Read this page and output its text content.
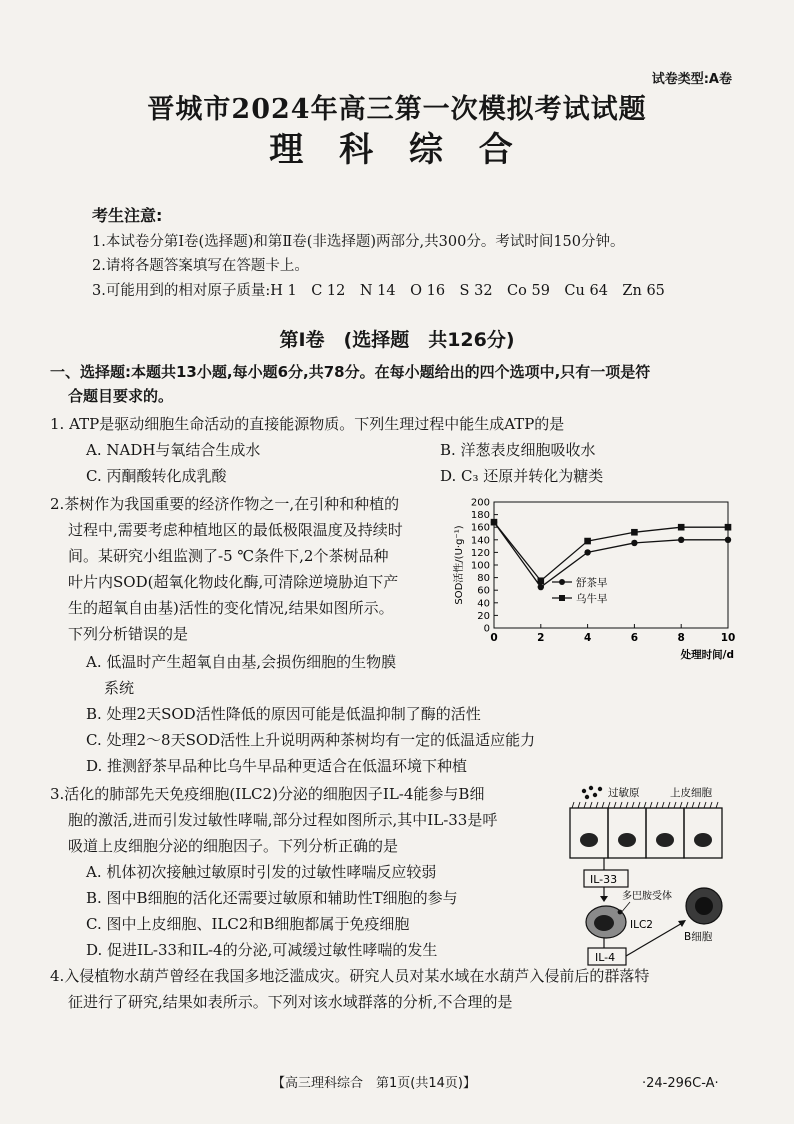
试卷类型:A卷
晋城市2024年高三第一次模拟考试试题
理 科 综 合
考生注意:
1.本试卷分第Ⅰ卷(选择题)和第Ⅱ卷(非选择题)两部分,共300分。考试时间150分钟。
2.请将各题答案填写在答题卡上。
3.可能用到的相对原子质量:H 1　C 12　N 14　O 16　S 32　Co 59　Cu 64　Zn 65
第Ⅰ卷　(选择题　共126分)
一、选择题:本题共13小题,每小题6分,共78分。在每小题给出的四个选项中,只有一项是符
合题目要求的。
1. ATP是驱动细胞生命活动的直接能源物质。下列生理过程中能生成ATP的是
A. NADH与氧结合生成水	B. 洋葱表皮细胞吸收水
C. 丙酮酸转化成乳酸	D. C₃ 还原并转化为糖类
2.茶树作为我国重要的经济作物之一,在引种和种植的
过程中,需要考虑种植地区的最低极限温度及持续时
间。某研究小组监测了-5 ℃条件下,2个茶树品种
叶片内SOD(超氧化物歧化酶,可清除逆境胁迫下产
生的超氧自由基)活性的变化情况,结果如图所示。
下列分析错误的是	0
20
40
60
80
100
120
140
160
180
200
0	2	4	6	8	10
SOD活性/(U·g⁻¹)
处理时间/d
舒茶早
乌牛早
A. 低温时产生超氧自由基,会损伤细胞的生物膜
系统
B. 处理2天SOD活性降低的原因可能是低温抑制了酶的活性
C. 处理2～8天SOD活性上升说明两种茶树均有一定的低温适应能力
D. 推测舒茶早品种比乌牛早品种更适合在低温环境下种植
3.活化的肺部先天免疫细胞(ILC2)分泌的细胞因子IL-4能参与B细
胞的激活,进而引发过敏性哮喘,部分过程如图所示,其中IL-33是呼
吸道上皮细胞分泌的细胞因子。下列分析正确的是
A. 机体初次接触过敏原时引发的过敏性哮喘反应较弱
B. 图中B细胞的活化还需要过敏原和辅助性T细胞的参与
C. 图中上皮细胞、ILC2和B细胞都属于免疫细胞
D. 促进IL-33和IL-4的分泌,可减缓过敏性哮喘的发生
过敏原	上皮细胞
IL-33
多巴胺受体
ILC2
B细胞
IL-4
4.入侵植物水葫芦曾经在我国多地泛滥成灾。研究人员对某水域在水葫芦入侵前后的群落特
征进行了研究,结果如表所示。下列对该水域群落的分析,不合理的是
【高三理科综合　第1页(共14页)】	·24-296C-A·
